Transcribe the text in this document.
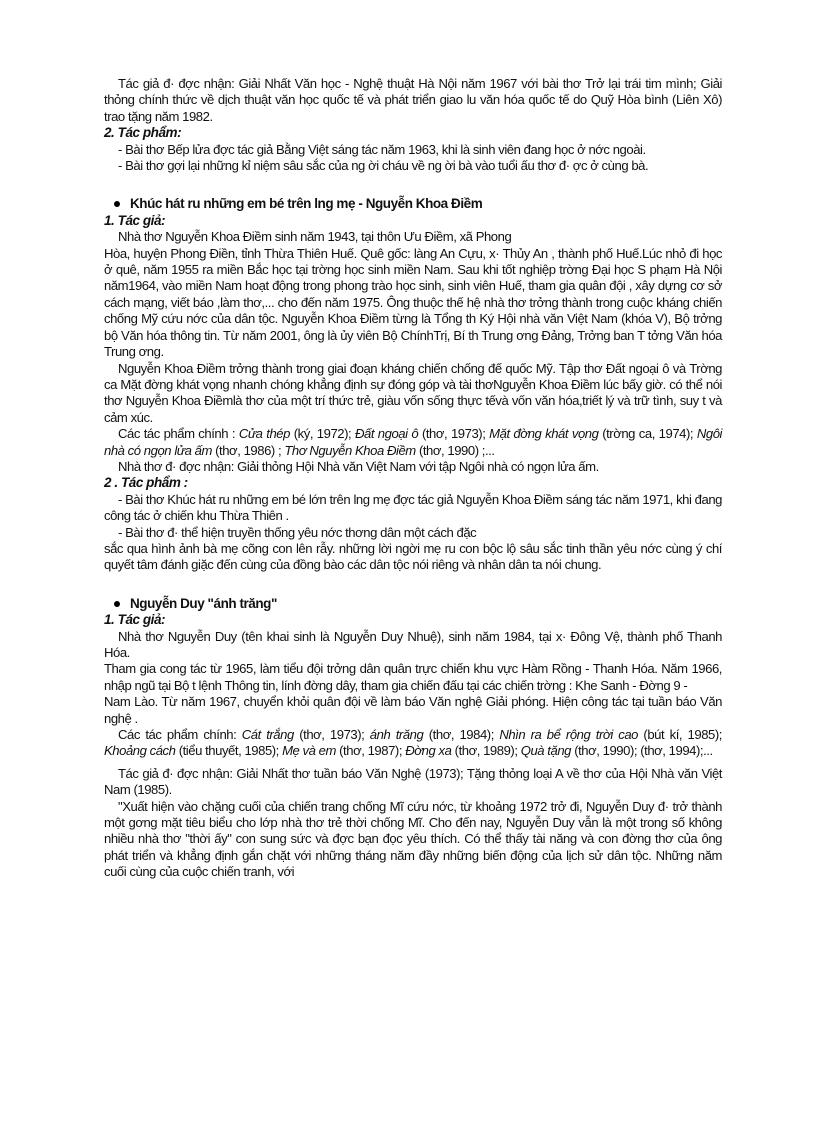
Tác giả đ· đợc nhận: Giải Nhất Văn học - Nghệ thuật Hà Nội năm 1967 với bài thơ Trở lại trái tim mình; Giải thỏng chính thức về dịch thuật văn học quốc tế và phát triển giao lu văn hóa quốc tế do Quỹ Hòa bình (Liên Xô) trao tặng năm 1982.

2. Tác phẩm:

- Bài thơ Bếp lửa đợc tác giả Bằng Việt sáng tác năm 1963, khi là sinh viên đang học ở nớc ngoài.

- Bài thơ gợi lại những kỉ niệm sâu sắc của ng ời cháu về ng ời bà vào tuổi ấu thơ đ· ợc ở cùng bà.

Khúc hát ru những em bé trên lng mẹ - Nguyễn Khoa Điềm

1. Tác giả:

Nhà thơ Nguyễn Khoa Điềm sinh năm 1943, tại thôn Ưu Điềm, xã Phong

Hòa, huyện Phong Điền, tỉnh Thừa Thiên Huế. Quê gốc: làng An Cựu, x· Thủy An , thành phố Huế.Lúc nhỏ đi học ở quê, năm 1955 ra miền Bắc học tại trờng học sinh miền Nam. Sau khi tốt nghiệp trờng Đại học S phạm Hà Nội năm1964, vào miền Nam hoạt động trong phong trào học sinh, sinh viên Huế, tham gia quân đội , xây dựng cơ sở cách mạng, viết báo ,làm thơ,... cho đến năm 1975. Ông thuộc thế hệ nhà thơ trởng thành trong cuộc kháng chiến chống Mỹ cứu nớc của dân tộc. Nguyễn Khoa Điềm từng là Tổng th Ký Hội nhà văn Việt Nam (khóa V), Bộ trởng bộ Văn hóa thông tin. Từ năm 2001, ông là ủy viên Bộ ChínhTrị, Bí th Trung ơng Đảng, Trởng ban T tởng Văn hóa Trung ơng.

Nguyễn Khoa Điềm trởng thành trong giai đoạn kháng chiến chống đế quốc Mỹ. Tập thơ Đất ngoại ô và Trờng ca Mặt đờng khát vọng nhanh chóng khẳng định sự đóng góp và tài thơNguyễn Khoa Điềm lúc bấy giờ. có thể nói thơ Nguyễn Khoa Điềmlà thơ của một trí thức trẻ, giàu vốn sống thực tếvà vốn văn hóa,triết lý và trữ tình, suy t và cảm xúc.

Các tác phẩm chính : Cửa thép (ký, 1972); Đất ngoại ô (thơ, 1973); Mặt đờng khát vọng (trờng ca, 1974); Ngôi nhà có ngọn lửa ấm (thơ, 1986) ; Thơ Nguyễn Khoa Điềm (thơ, 1990) ;...

Nhà thơ đ· đợc nhận: Giải thỏng Hội Nhà văn Việt Nam với tập Ngôi nhà có ngọn lửa ấm.

2 . Tác phẩm :

- Bài thơ Khúc hát ru những em bé lớn trên lng mẹ đợc tác giả Nguyễn Khoa Điềm sáng tác năm 1971, khi đang công tác ở chiến khu Thừa Thiên .

- Bài thơ đ· thể hiện truyền thống yêu nớc thơng dân một cách đặc

sắc qua hình ảnh bà mẹ cõng con lên rẫy. những lời ngời mẹ ru con bộc lộ sâu sắc tinh thần yêu nớc cùng ý chí quyết tâm đánh giặc đến cùng của đồng bào các dân tộc nói riêng và nhân dân ta nói chung.

Nguyễn Duy "ánh trăng"

1. Tác giả:

Nhà thơ Nguyễn Duy (tên khai sinh là Nguyễn Duy Nhuệ), sinh năm 1984, tại x· Đông Vệ, thành phố Thanh Hóa.

Tham gia cong tác từ 1965, làm tiểu đội trởng dân quân trực chiến khu vực Hàm Rồng - Thanh Hóa. Năm 1966, nhập ngũ tại Bộ t lệnh Thông tin, lính đờng dây, tham gia chiến đấu tại các chiến trờng : Khe Sanh - Đờng 9 -

Nam Lào. Từ năm 1967, chuyển khỏi quân đội về làm báo Văn nghệ Giải phóng. Hiện công tác tại tuần báo Văn nghệ .

Các tác phẩm chính: Cát trắng (thơ, 1973); ánh trăng (thơ, 1984); Nhìn ra bể rộng trời cao (bút kí, 1985); Khoảng cách (tiểu thuyết, 1985); Mẹ và em (thơ, 1987); Đờng xa (thơ, 1989); Quà tặng (thơ, 1990); (thơ, 1994);...

Tác giả đ· đợc nhận: Giải Nhất thơ tuần báo Văn Nghệ (1973); Tặng thỏng loại A về thơ của Hội Nhà văn Việt Nam (1985).

"Xuất hiện vào chặng cuối của chiến trang chống Mĩ cứu nớc, từ khoảng 1972 trở đi, Nguyễn Duy đ· trở thành một gơng mặt tiêu biểu cho lớp nhà thơ trẻ thời chống Mĩ. Cho đến nay, Nguyễn Duy vẫn là một trong số không nhiều nhà thơ "thời ấy" con sung sức và đợc bạn đọc yêu thích. Có thể thấy tài năng và con đờng thơ của ông phát triển và khẳng định gắn chặt với những tháng năm đầy những biến động của lịch sử dân tộc. Những năm cuối cùng của cuộc chiến tranh, với
